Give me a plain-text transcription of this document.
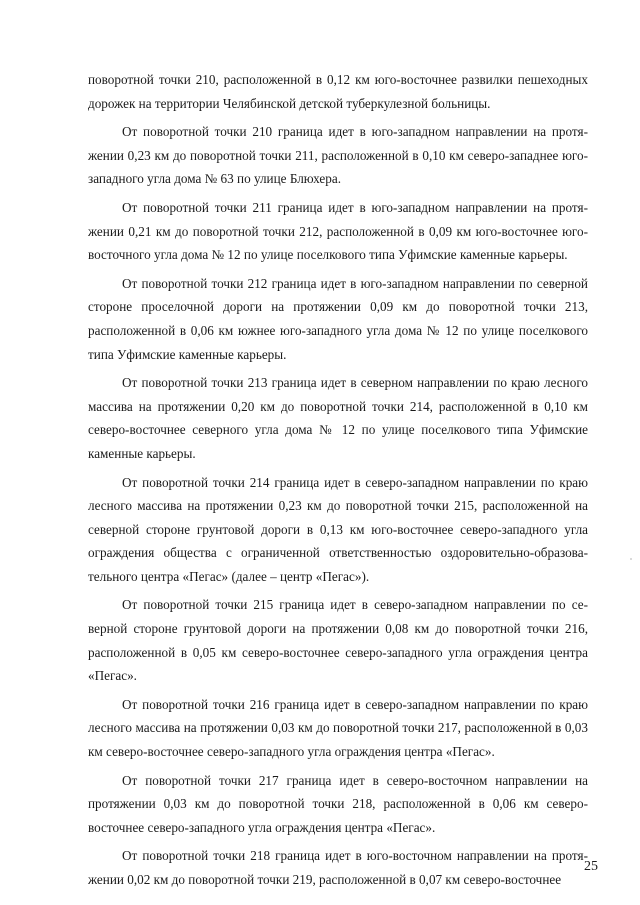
поворотной точки 210, расположенной в 0,12 км юго-восточнее развилки пешеходных дорожек на территории Челябинской детской туберкулезной больницы.

От поворотной точки 210 граница идет в юго-западном направлении на протяжении 0,23 км до поворотной точки 211, расположенной в 0,10 км северо-западнее юго-западного угла дома № 63 по улице Блюхера.

От поворотной точки 211 граница идет в юго-западном направлении на протяжении 0,21 км до поворотной точки 212, расположенной в 0,09 км юго-восточнее юго-восточного угла дома № 12 по улице поселкового типа Уфимские каменные карьеры.

От поворотной точки 212 граница идет в юго-западном направлении по северной стороне проселочной дороги на протяжении 0,09 км до поворотной точки 213, расположенной в 0,06 км южнее юго-западного угла дома № 12 по улице поселкового типа Уфимские каменные карьеры.

От поворотной точки 213 граница идет в северном направлении по краю лесного массива на протяжении 0,20 км до поворотной точки 214, расположенной в 0,10 км северо-восточнее северного угла дома № 12 по улице поселкового типа Уфимские каменные карьеры.

От поворотной точки 214 граница идет в северо-западном направлении по краю лесного массива на протяжении 0,23 км до поворотной точки 215, расположенной на северной стороне грунтовой дороги в 0,13 км юго-восточнее северо-западного угла ограждения общества с ограниченной ответственностью оздоровительно-образовательного центра «Пегас» (далее – центр «Пегас»).

От поворотной точки 215 граница идет в северо-западном направлении по северной стороне грунтовой дороги на протяжении 0,08 км до поворотной точки 216, расположенной в 0,05 км северо-восточнее северо-западного угла ограждения центра «Пегас».

От поворотной точки 216 граница идет в северо-западном направлении по краю лесного массива на протяжении 0,03 км до поворотной точки 217, расположенной в 0,03 км северо-восточнее северо-западного угла ограждения центра «Пегас».

От поворотной точки 217 граница идет в северо-восточном направлении на протяжении 0,03 км до поворотной точки 218, расположенной в 0,06 км северо-восточнее северо-западного угла ограждения центра «Пегас».

От поворотной точки 218 граница идет в юго-восточном направлении на протяжении 0,02 км до поворотной точки 219, расположенной в 0,07 км северо-восточнее

25
